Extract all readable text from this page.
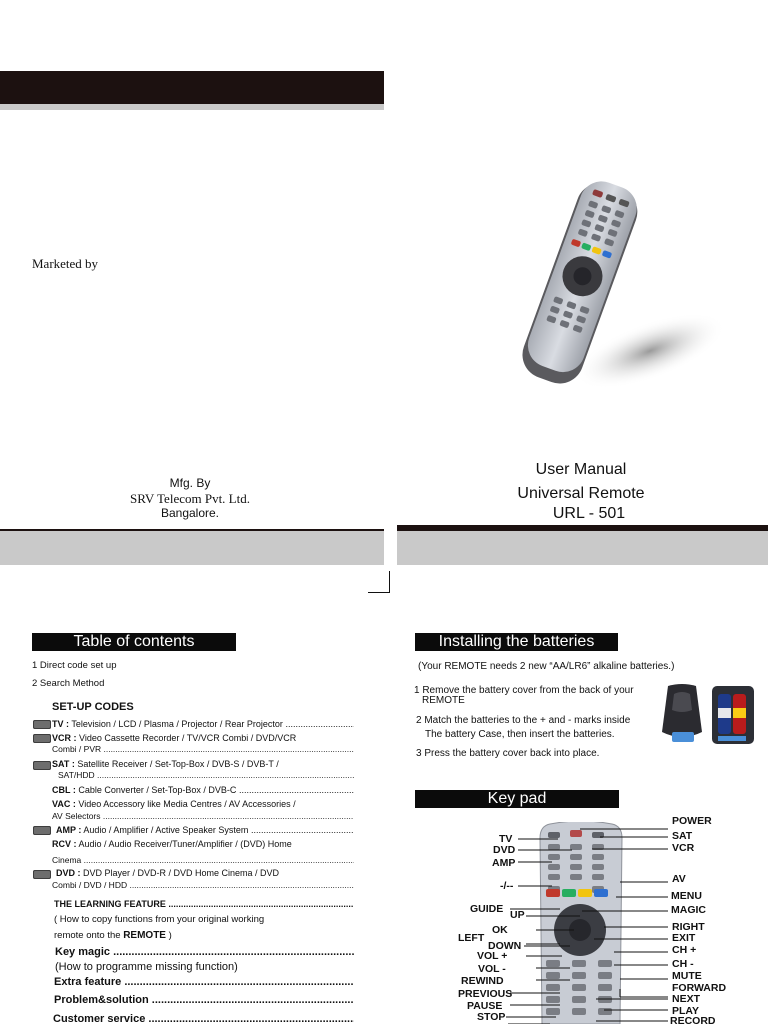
Marketed by
Mfg. By
SRV Telecom Pvt. Ltd.
Bangalore.
User Manual
Universal Remote
URL - 501
Table of contents
1 Direct code set up
2 Search Method
SET-UP CODES
TV : Television / LCD / Plasma / Projector / Rear Projector .....
VCR : Video Cassette Recorder / TV/VCR Combi / DVD/VCR
Combi / PVR .....
SAT : Satellite Receiver / Set-Top-Box / DVB-S / DVB-T /
SAT/HDD .....
CBL : Cable Converter / Set-Top-Box / DVB-C .....
VAC : Video Accessory like Media Centres / AV Accessories /
AV Selectors .....
AMP : Audio / Amplifier / Active Speaker System .....
RCV : Audio / Audio Receiver/Tuner/Amplifier / (DVD) Home
Cinema .....
DVD : DVD Player / DVD-R / DVD Home Cinema / DVD
Combi / DVD / HDD .....
THE LEARNING FEATURE .....
( How to copy functions from your original working
remote onto the REMOTE )
Key magic .....
(How to programme missing function)
Extra feature .....
Problem&solution .....
Customer service .....
Installing the batteries
(Your REMOTE needs 2 new “AA/LR6” alkaline batteries.)
1 Remove the battery cover from the back of your
REMOTE
2 Match the batteries to the + and - marks inside
The battery Case, then insert the batteries.
3 Press the battery cover back into place.
Key pad
TV
DVD
AMP
-/--
GUIDE UP
OK
LEFT
DOWN
VOL +
VOL -
REWIND
PREVIOUS
PAUSE
STOP
POWER
SAT
VCR
AV
MENU
MAGIC
RIGHT
EXIT
CH +
CH -
MUTE
FORWARD
NEXT
PLAY
RECORD
